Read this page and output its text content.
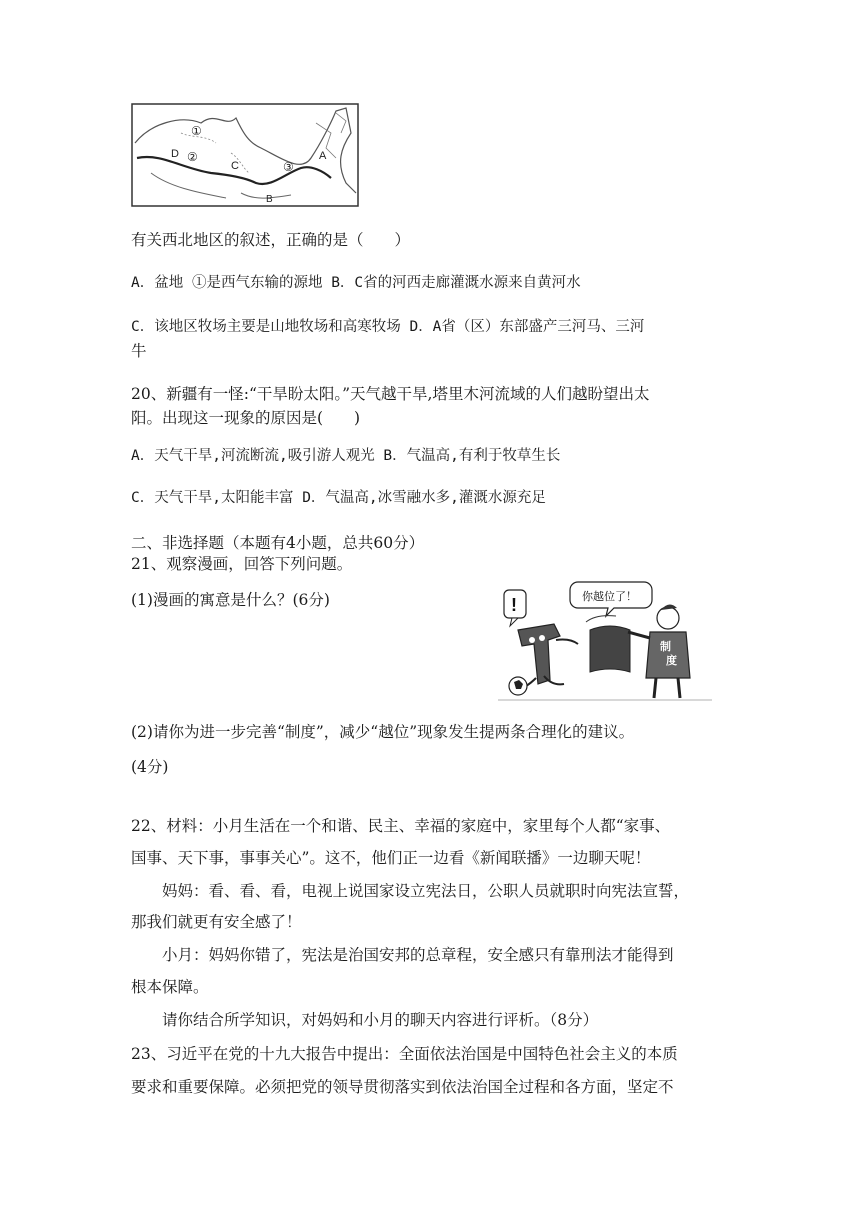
①
D ②
C	③
A
B
有关西北地区的叙述，正确的是（　　）
A．盆地 ①是西气东输的源地 B．C省的河西走廊灌溉水源来自黄河水
C．该地区牧场主要是山地牧场和高寒牧场 D．A省（区）东部盛产三河马、三河
牛
20、新疆有一怪:“干旱盼太阳。”天气越干旱,塔里木河流域的人们越盼望出太
阳。出现这一现象的原因是(　　)
A．天气干旱,河流断流,吸引游人观光 B．气温高,有利于牧草生长
C．天气干旱,太阳能丰富 D．气温高,冰雪融水多,灌溉水源充足
二、非选择题（本题有4小题，总共60分）
21、观察漫画，回答下列问题。
(1)漫画的寓意是什么？(6分)	你越位了！
!
制
度
(2)请你为进一步完善“制度”，减少“越位”现象发生提两条合理化的建议。
(4分)
22、材料：小月生活在一个和谐、民主、幸福的家庭中，家里每个人都“家事、
国事、天下事，事事关心”。这不，他们正一边看《新闻联播》一边聊天呢！
妈妈：看、看、看，电视上说国家设立宪法日，公职人员就职时向宪法宣誓，
那我们就更有安全感了！
小月：妈妈你错了，宪法是治国安邦的总章程，安全感只有靠刑法才能得到
根本保障。
请你结合所学知识，对妈妈和小月的聊天内容进行评析。（8分）
23、习近平在党的十九大报告中提出：全面依法治国是中国特色社会主义的本质
要求和重要保障。必须把党的领导贯彻落实到依法治国全过程和各方面，坚定不
